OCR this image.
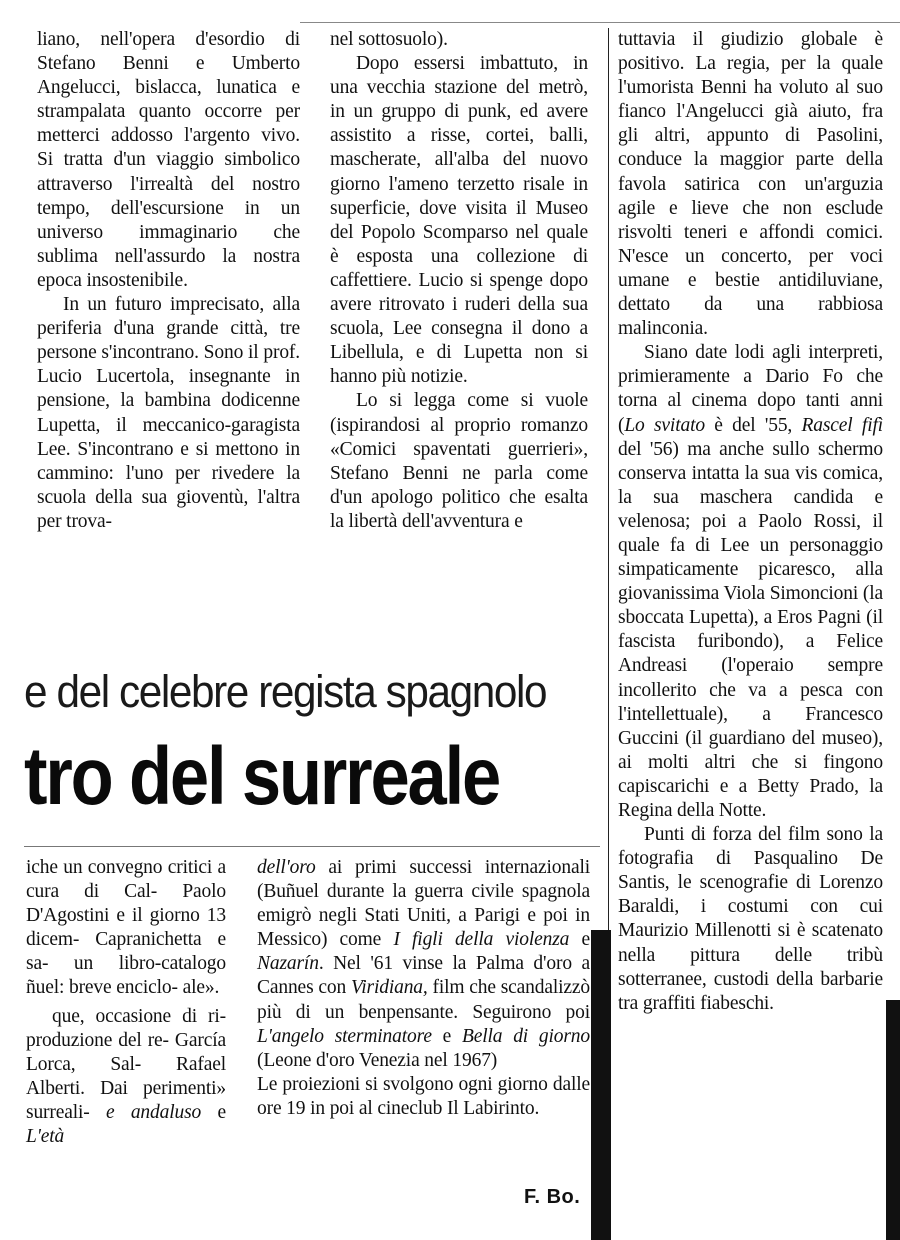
liano, nell'opera d'esordio di Stefano Benni e Umberto Angelucci, bislacca, lunatica e strampalata quanto occorre per metterci addosso l'argento vivo. Si tratta d'un viaggio simbolico attraverso l'irrealtà del nostro tempo, dell'escursione in un universo immaginario che sublima nell'assurdo la nostra epoca insostenibile.

In un futuro imprecisato, alla periferia d'una grande città, tre persone s'incontrano. Sono il prof. Lucio Lucertola, insegnante in pensione, la bambina dodicenne Lupetta, il meccanico-garagista Lee. S'incontrano e si mettono in cammino: l'uno per rivedere la scuola della sua gioventù, l'altra per trova-

nel sottosuolo).

Dopo essersi imbattuto, in una vecchia stazione del metrò, in un gruppo di punk, ed avere assistito a risse, cortei, balli, mascherate, all'alba del nuovo giorno l'ameno terzetto risale in superficie, dove visita il Museo del Popolo Scomparso nel quale è esposta una collezione di caffettiere. Lucio si spenge dopo avere ritrovato i ruderi della sua scuola, Lee consegna il dono a Libellula, e di Lupetta non si hanno più notizie.

Lo si legga come si vuole (ispirandosi al proprio romanzo «Comici spaventati guerrieri», Stefano Benni ne parla come d'un apologo politico che esalta la libertà dell'avventura e

tuttavia il giudizio globale è positivo. La regia, per la quale l'umorista Benni ha voluto al suo fianco l'Angelucci già aiuto, fra gli altri, appunto di Pasolini, conduce la maggior parte della favola satirica con un'arguzia agile e lieve che non esclude risvolti teneri e affondi comici. N'esce un concerto, per voci umane e bestie antidiluviane, dettato da una rabbiosa malinconia.

Siano date lodi agli interpreti, primieramente a Dario Fo che torna al cinema dopo tanti anni (Lo svitato è del '55, Rascel fifì del '56) ma anche sullo schermo conserva intatta la sua vis comica, la sua maschera candida e velenosa; poi a Paolo Rossi, il quale fa di Lee un personaggio simpaticamente picaresco, alla giovanissima Viola Simoncioni (la sboccata Lupetta), a Eros Pagni (il fascista furibondo), a Felice Andreasi (l'operaio sempre incollerito che va a pesca con l'intellettuale), a Francesco Guccini (il guardiano del museo), ai molti altri che si fingono capiscarichi e a Betty Prado, la Regina della Notte.

Punti di forza del film sono la fotografia di Pasqualino De Santis, le scenografie di Lorenzo Baraldi, i costumi con cui Maurizio Millenotti si è scatenato nella pittura delle tribù sotterranee, custodi della barbarie tra graffiti fiabeschi.

e del celebre regista spagnolo
tro del surreale

iche un convegno critici a cura di Cal- Paolo D'Agostini e il giorno 13 dicem- Capranichetta e sa- un libro-catalogo ñuel: breve enciclo- ale».

que, occasione di ri- produzione del re- García Lorca, Sal- Rafael Alberti. Dai perimenti» surreali- e andaluso e L'età

dell'oro ai primi successi internazionali (Buñuel durante la guerra civile spagnola emigrò negli Stati Uniti, a Parigi e poi in Messico) come I figli della violenza e Nazarín. Nel '61 vinse la Palma d'oro a Cannes con Viridiana, film che scandalizzò più di un benpensante. Seguirono poi L'angelo sterminatore e Bella di giorno (Leone d'oro Venezia nel 1967)

Le proiezioni si svolgono ogni giorno dalle ore 19 in poi al cineclub Il Labirinto.

F. Bo.
